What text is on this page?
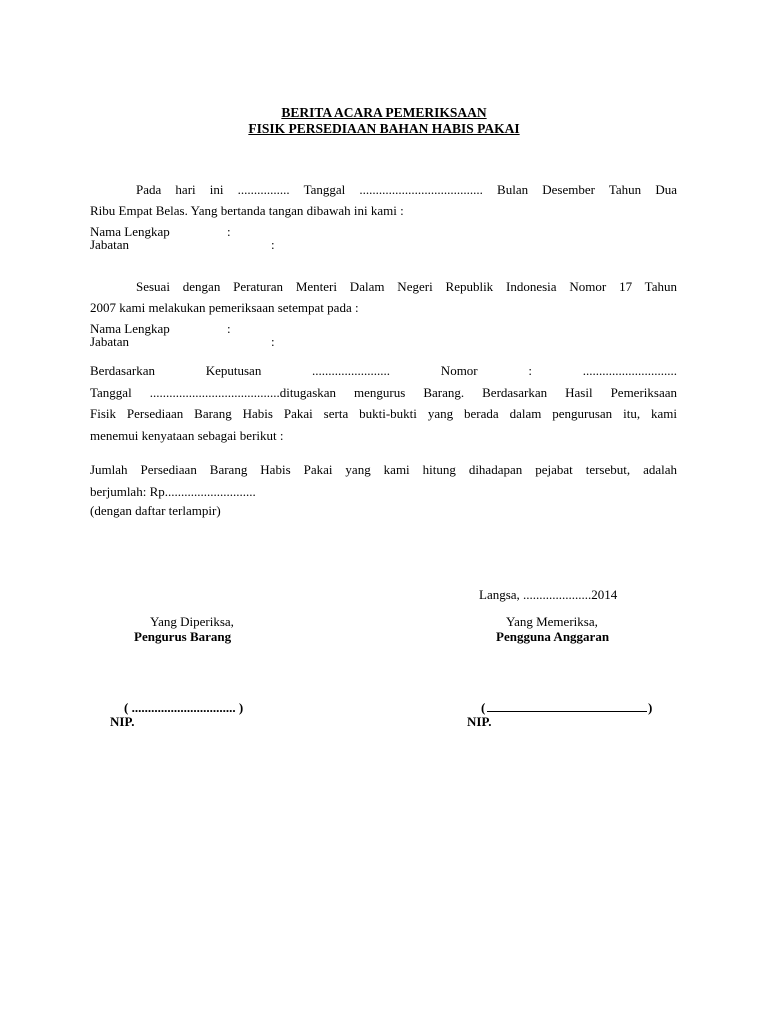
BERITA ACARA PEMERIKSAAN
FISIK PERSEDIAAN BAHAN HABIS PAKAI
Pada hari ini ................ Tanggal ...................................... Bulan Desember Tahun Dua
Ribu Empat Belas. Yang bertanda tangan dibawah ini kami :
Nama Lengkap	:
Jabatan	:
Sesuai dengan Peraturan Menteri Dalam Negeri Republik Indonesia Nomor 17 Tahun
2007 kami melakukan pemeriksaan setempat pada :
Nama Lengkap	:
Jabatan	:
Berdasarkan Keputusan ........................ Nomor : .............................
Tanggal ........................................ditugaskan mengurus Barang. Berdasarkan Hasil Pemeriksaan
Fisik Persediaan Barang Habis Pakai serta bukti-bukti yang berada dalam pengurusan itu, kami
menemui kenyataan sebagai berikut :
Jumlah Persediaan Barang Habis Pakai yang kami hitung dihadapan pejabat tersebut, adalah
berjumlah: Rp............................
(dengan daftar terlampir)
Langsa, .....................2014
Yang Diperiksa,
Pengurus Barang
Yang Memeriksa,
Pengguna Anggaran
( ................................ )
NIP.
(	)
NIP.
